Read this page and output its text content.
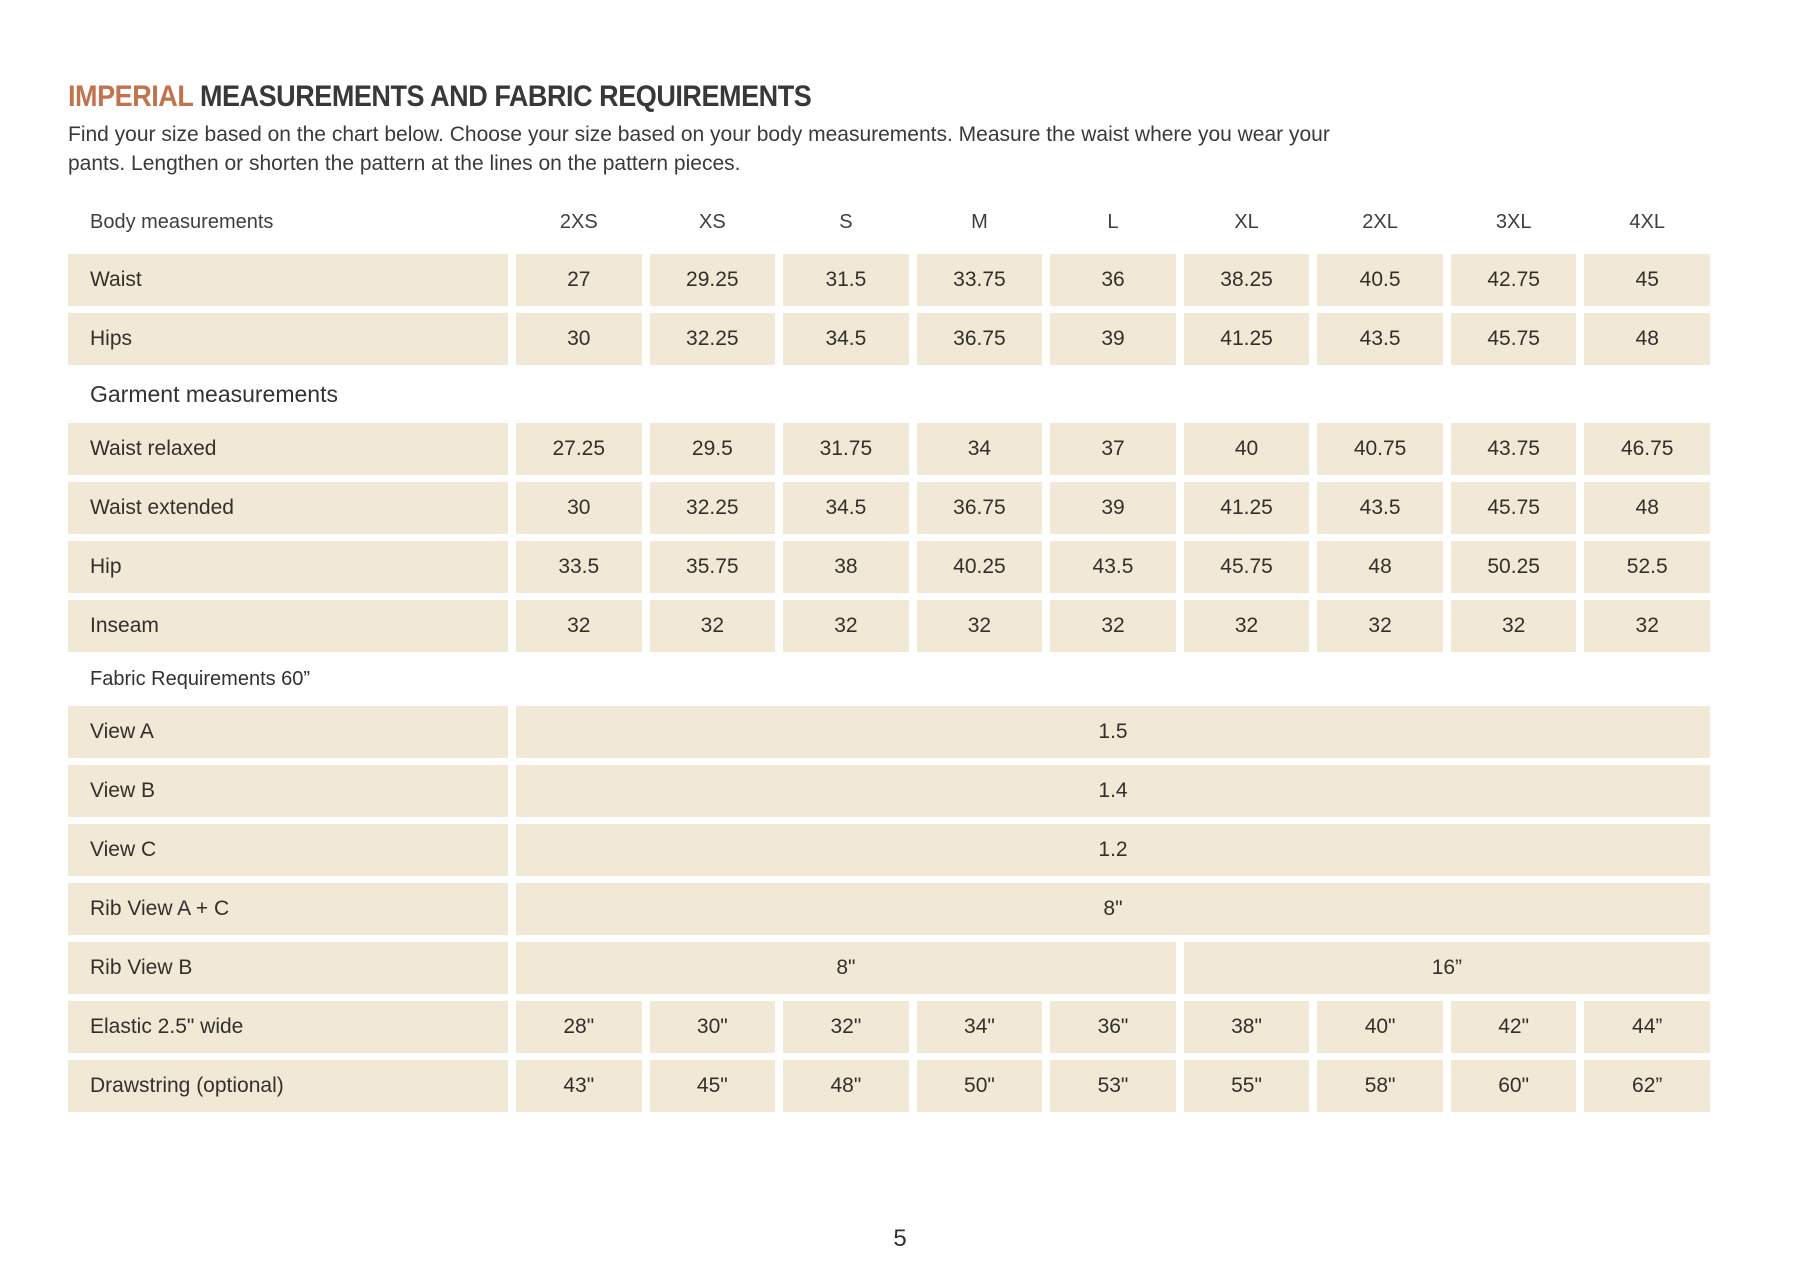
IMPERIAL MEASUREMENTS AND FABRIC REQUIREMENTS
Find your size based on the chart below. Choose your size based on your body measurements. Measure the waist where you wear your
pants. Lengthen or shorten the pattern at the lines on the pattern pieces.
Body measurements	2XS	XS	S	M	L	XL	2XL	3XL	4XL
Waist	27	29.25	31.5	33.75	36	38.25	40.5	42.75	45
Hips	30	32.25	34.5	36.75	39	41.25	43.5	45.75	48
Garment measurements
Waist relaxed	27.25	29.5	31.75	34	37	40	40.75	43.75	46.75
Waist extended	30	32.25	34.5	36.75	39	41.25	43.5	45.75	48
Hip	33.5	35.75	38	40.25	43.5	45.75	48	50.25	52.5
Inseam	32	32	32	32	32	32	32	32	32
Fabric Requirements 60”
View A	1.5
View B	1.4
View C	1.2
Rib View A + C	8"
Rib View B	8"	16”
Elastic 2.5" wide	28"	30"	32"	34"	36"	38"	40"	42"	44”
Drawstring (optional)	43"	45"	48"	50"	53"	55"	58"	60"	62”
5
